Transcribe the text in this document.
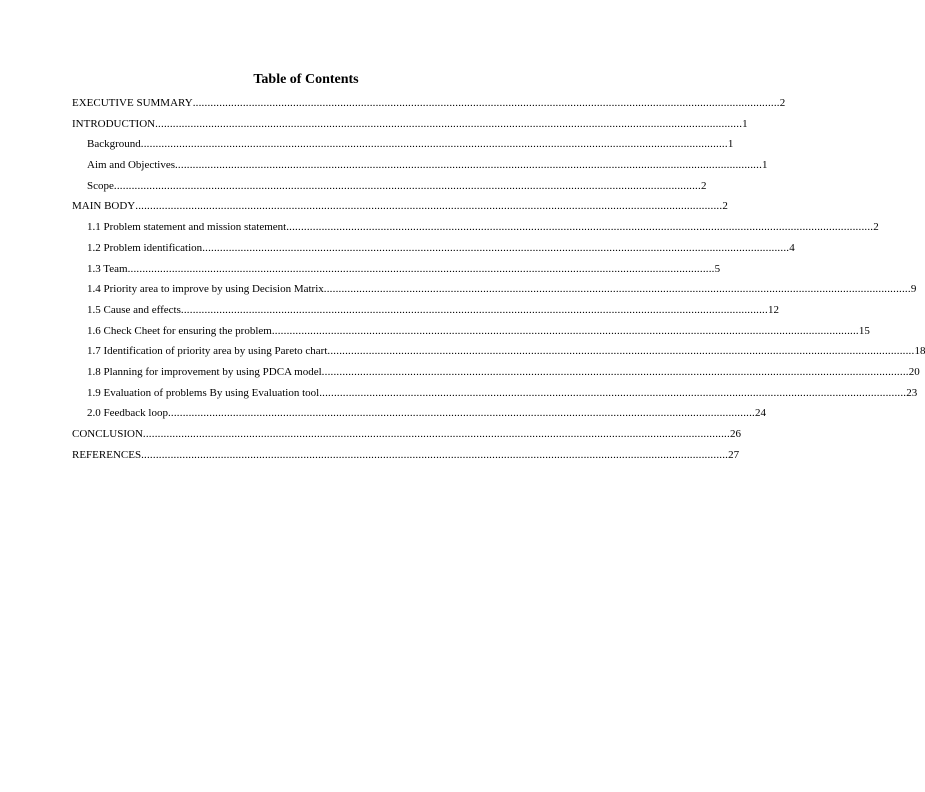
Table of Contents
EXECUTIVE SUMMARY ....................................................................................................................................................................................................... 2
INTRODUCTION ....................................................................................................................................................................................................... 1
Background ....................................................................................................................................................................................................... 1
Aim and Objectives ....................................................................................................................................................................................................... 1
Scope ....................................................................................................................................................................................................... 2
MAIN BODY ....................................................................................................................................................................................................... 2
1.1 Problem statement and mission statement ....................................................................................................................................................................................................... 2
1.2 Problem identification ....................................................................................................................................................................................................... 4
1.3 Team ....................................................................................................................................................................................................... 5
1.4 Priority area to improve by using Decision Matrix ....................................................................................................................................................................................................... 9
1.5 Cause and effects ....................................................................................................................................................................................................... 12
1.6 Check Cheet for ensuring the problem ....................................................................................................................................................................................................... 15
1.7 Identification of priority area by using Pareto chart ....................................................................................................................................................................................................... 18
1.8 Planning for improvement by using PDCA model ....................................................................................................................................................................................................... 20
1.9 Evaluation of problems By using Evaluation tool ....................................................................................................................................................................................................... 23
2.0 Feedback loop ....................................................................................................................................................................................................... 24
CONCLUSION ....................................................................................................................................................................................................... 26
REFERENCES ....................................................................................................................................................................................................... 27
